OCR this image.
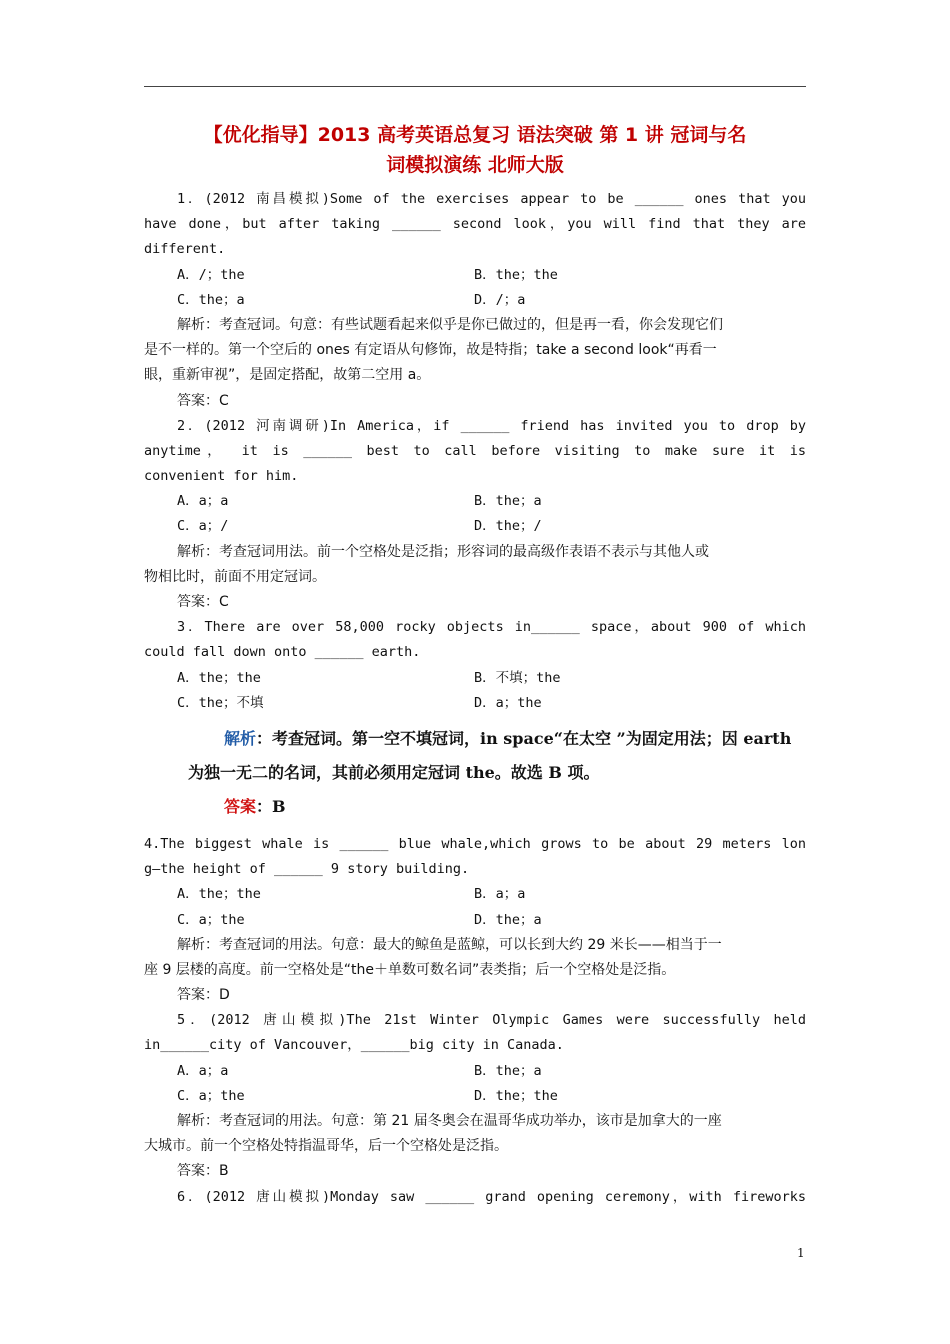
【优化指导】2013 高考英语总复习 语法突破 第 1 讲 冠词与名
词模拟演练 北师大版
1．(2012 南昌模拟)Some of the exercises appear to be ______ ones that you
have done，but after taking ______ second look，you will find that they are
different.
A．/；the	B．the；the
C．the；a	D．/；a
解析：考查冠词。句意：有些试题看起来似乎是你已做过的，但是再一看，你会发现它们
是不一样的。第一个空后的 ones 有定语从句修饰，故是特指；take a second look“再看一
眼，重新审视”，是固定搭配，故第二空用 a。
答案：C
2．(2012 河南调研)In America，if ______ friend has invited you to drop by
anytime， it is ______ best to call before visiting to make sure it is
convenient for him.
A．a；a	B．the；a
C．a；/	D．the；/
解析：考查冠词用法。前一个空格处是泛指；形容词的最高级作表语不表示与其他人或
物相比时，前面不用定冠词。
答案：C
3．There are over 58,000 rocky objects in______ space，about 900 of which
could fall down onto ______ earth.
A．the；the	B．不填；the
C．the；不填	D．a；the
解析：考查冠词。第一空不填冠词，in space“在太空 ”为固定用法；因 earth
为独一无二的名词，其前必须用定冠词 the。故选 B 项。
答案：B
4.The biggest whale is ______ blue whale,which grows to be about 29 meters lon
g—the height of ______ 9 story building.
A．the；the	B．a；a
C．a；the	D．the；a
解析：考查冠词的用法。句意：最大的鲸鱼是蓝鲸，可以长到大约 29 米长——相当于一
座 9 层楼的高度。前一空格处是“the＋单数可数名词”表类指；后一个空格处是泛指。
答案：D
5．(2012 唐山模拟)The 21st Winter Olympic Games were successfully held
in______city of Vancouver，______big city in Canada.
A．a；a	B．the；a
C．a；the	D．the；the
解析：考查冠词的用法。句意：第 21 届冬奥会在温哥华成功举办，该市是加拿大的一座
大城市。前一个空格处特指温哥华，后一个空格处是泛指。
答案：B
6．(2012 唐山模拟)Monday saw ______ grand opening ceremony，with fireworks
1
